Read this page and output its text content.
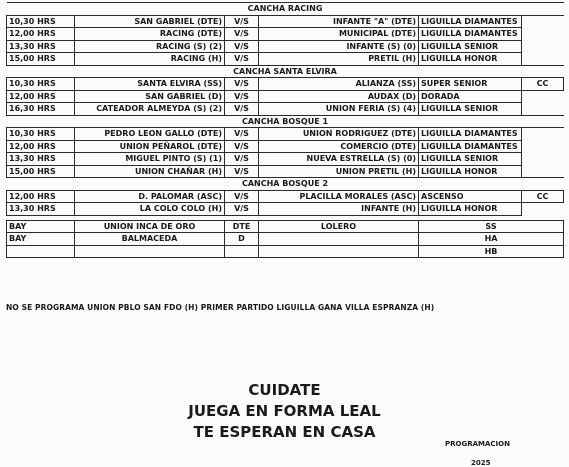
CANCHA RACING					
10,30 HRS	SAN GABRIEL (DTE)	V/S	INFANTE "A" (DTE)	LIGUILLA DIAMANTES	
12,00 HRS	RACING (DTE)	V/S	MUNICIPAL (DTE)	LIGUILLA DIAMANTES	
13,30 HRS	RACING (S) (2)	V/S	INFANTE (S) (0)	LIGUILLA SENIOR	
15,00 HRS	RACING (H)	V/S	PRETIL (H)	LIGUILLA HONOR	
CANCHA SANTA ELVIRA					
10,30 HRS	SANTA ELVIRA (SS)	V/S	ALIANZA (SS)	SUPER SENIOR	CC
12,00 HRS	SAN GABRIEL (D)	V/S	AUDAX (D)	DORADA	
16,30 HRS	CATEADOR ALMEYDA (S) (2)	V/S	UNION FERIA (S) (4)	LIGUILLA SENIOR	
CANCHA BOSQUE 1					
10,30 HRS	PEDRO LEON GALLO (DTE)	V/S	UNION RODRIGUEZ (DTE)	LIGUILLA DIAMANTES	
12,00 HRS	UNION PEÑAROL (DTE)	V/S	COMERCIO (DTE)	LIGUILLA DIAMANTES	
13,30 HRS	MIGUEL PINTO (S) (1)	V/S	NUEVA ESTRELLA (S) (0)	LIGUILLA SENIOR	
15,00 HRS	UNION CHAÑAR (H)	V/S	UNION PRETIL (H)	LIGUILLA HONOR	
CANCHA BOSQUE 2					
12,00 HRS	D. PALOMAR (ASC)	V/S	PLACILLA MORALES (ASC)	ASCENSO	CC
13,30 HRS	LA COLO COLO (H)	V/S	INFANTE (H)	LIGUILLA HONOR	

BAY	UNION INCA DE ORO	DTE	LOLERO	SS	
BAY	BALMACEDA	D		HA	
				HB	
NO SE PROGRAMA UNION PBLO SAN FDO (H) PRIMER PARTIDO LIGUILLA GANA VILLA ESPRANZA (H)
CUIDATE
JUEGA EN FORMA LEAL
TE ESPERAN EN CASA
PROGRAMACION
2025
